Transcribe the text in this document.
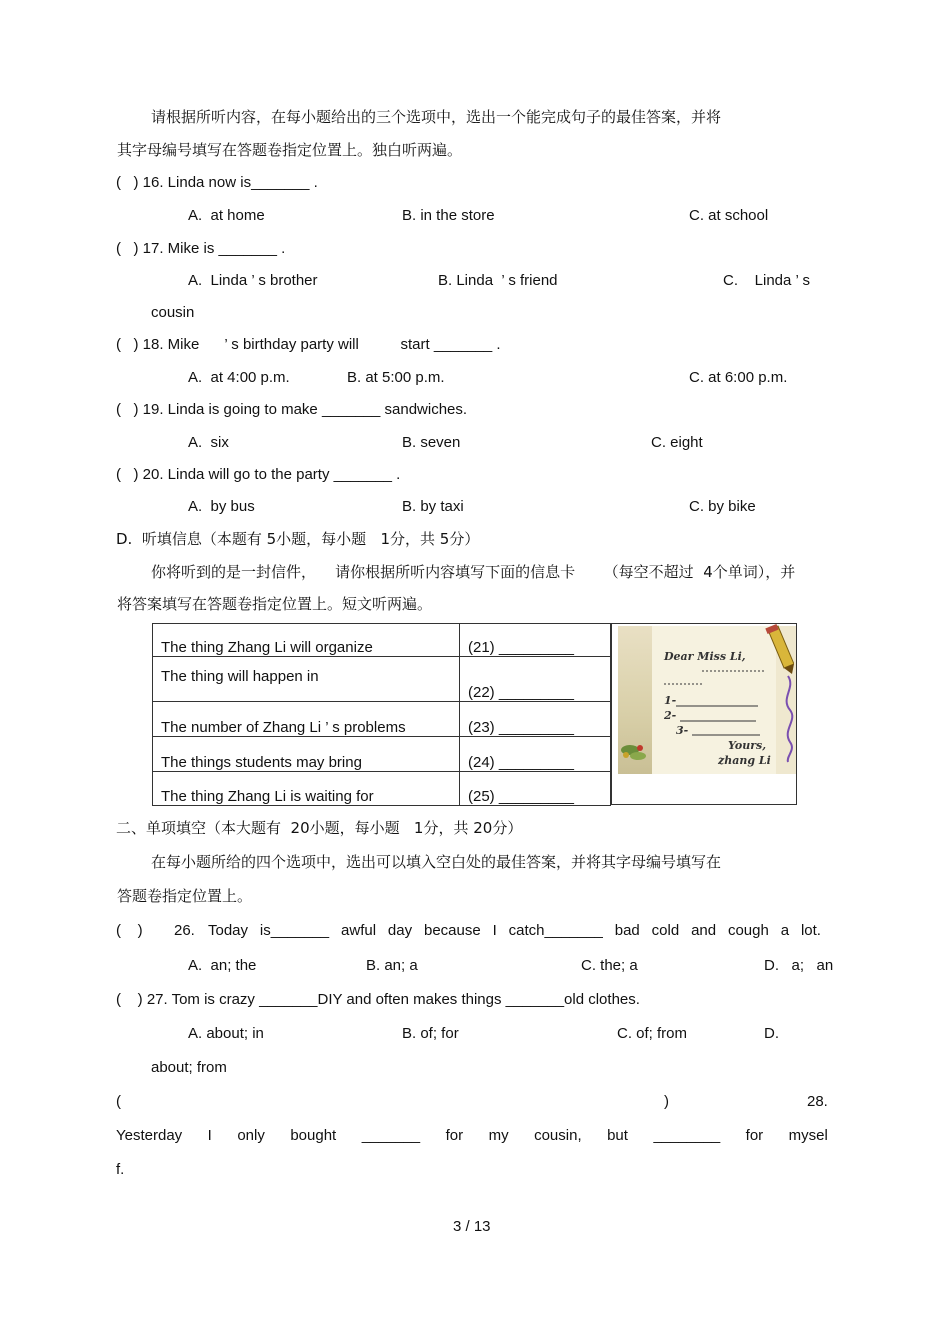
请根据所听内容，在每小题给出的三个选项中，选出一个能完成句子的最佳答案，并将
其字母编号填写在答题卷指定位置上。独白听两遍。
(   ) 16. Linda now is_______ .
A.  at home	B. in the store	C. at school
(   ) 17. Mike is _______ .
A.  Linda ’ s brother	B. Linda  ’ s friend	C.    Linda ’ s
cousin
(   ) 18. Mike      ’ s birthday party will          start _______ .
A.  at 4:00 p.m.	B. at 5:00 p.m.	C. at 6:00 p.m.
(   ) 19. Linda is going to make _______ sandwiches.
A.  six	B. seven	C. eight
(   ) 20. Linda will go to the party _______ .
A.  by bus	B. by taxi	C. by bike
D.  听填信息（本题有 5小题，每小题   1分，共 5分）
你将听到的是一封信件，    请你根据所听内容填写下面的信息卡      （每空不超过  4个单词），并
将答案填写在答题卷指定位置上。短文听两遍。
The thing Zhang Li will organize	(21) _________
The thing will happen in	(22) _________
The number of Zhang Li ’ s problems	(23) _________
The things students may bring	(24) _________
The thing Zhang Li is waiting for	(25) _________
Dear Miss Li,
1-
2-
3-
Yours,
zhang Li
二、单项填空（本大题有  20小题，每小题   1分，共 20分）
在每小题所给的四个选项中，选出可以填入空白处的最佳答案，并将其字母编号填写在
答题卷指定位置上。
(    ) 26. Today is_______ awful day because I catch_______ bad cold and cough a lot.
A.  an; the	B. an; a	C. the; a	D.   a;   an
(    ) 27. Tom is crazy _______DIY and often makes things _______old clothes.
A. about; in	B. of; for	C. of; from	D.
about; from
(	)	28.
Yesterday I only bought _______ for my cousin, but ________ for mysel
f.
3 / 13
